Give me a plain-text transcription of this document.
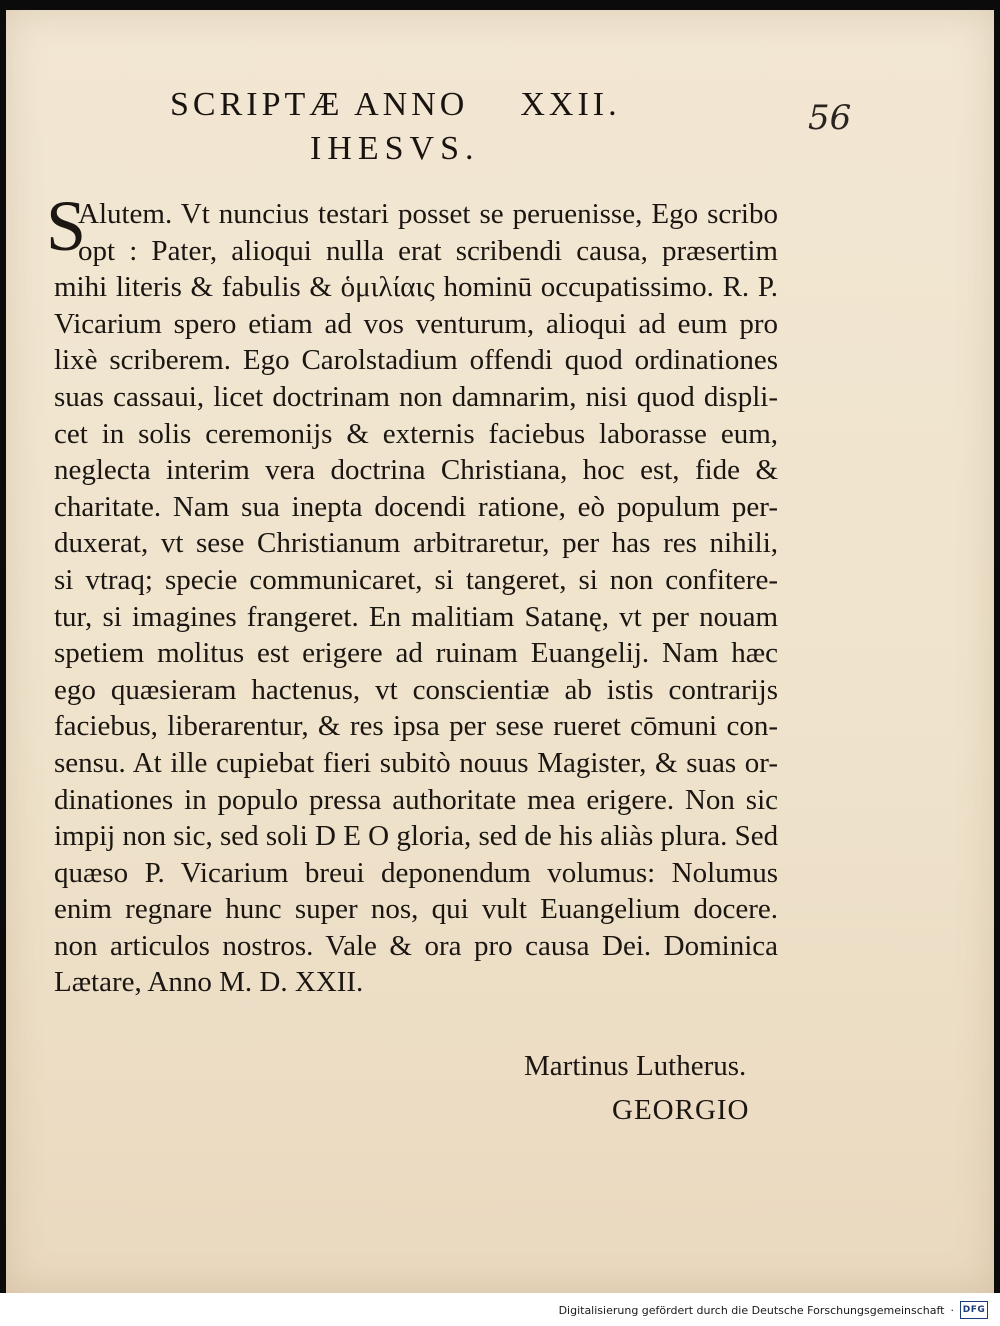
SCRIPTÆ ANNO XXII.
IHESVS.
56
S
Alutem. Vt nuncius testari posset se peruenisse, Ego scribo
opt : Pater, alioqui nulla erat scribendi causa, præsertim
mihi literis & fabulis & ὁμιλίαις hominū occupatissimo. R. P.
Vicarium spero etiam ad vos venturum, alioqui ad eum pro
lixè scriberem. Ego Carolstadium offendi quod ordinationes
suas cassaui, licet doctrinam non damnarim, nisi quod displi-
cet in solis ceremonijs & externis faciebus laborasse eum,
neglecta interim vera doctrina Christiana, hoc est, fide &
charitate. Nam sua inepta docendi ratione, eò populum per-
duxerat, vt sese Christianum arbitraretur, per has res nihili,
si vtraq; specie communicaret, si tangeret, si non confitere-
tur, si imagines frangeret. En malitiam Satanę, vt per nouam
spetiem molitus est erigere ad ruinam Euangelij. Nam hæc
ego quæsieram hactenus, vt conscientiæ ab istis contrarijs
faciebus, liberarentur, & res ipsa per sese rueret cōmuni con-
sensu. At ille cupiebat fieri subitò nouus Magister, & suas or-
dinationes in populo pressa authoritate mea erigere. Non sic
impij non sic, sed soli D E O gloria, sed de his aliàs plura. Sed
quæso P. Vicarium breui deponendum volumus: Nolumus
enim regnare hunc super nos, qui vult Euangelium docere.
non articulos nostros. Vale & ora pro causa Dei. Dominica
Lætare, Anno M. D. XXII.
Martinus Lutherus.
GEORGIO
Digitalisierung gefördert durch die Deutsche Forschungsgemeinschaft · DFG
